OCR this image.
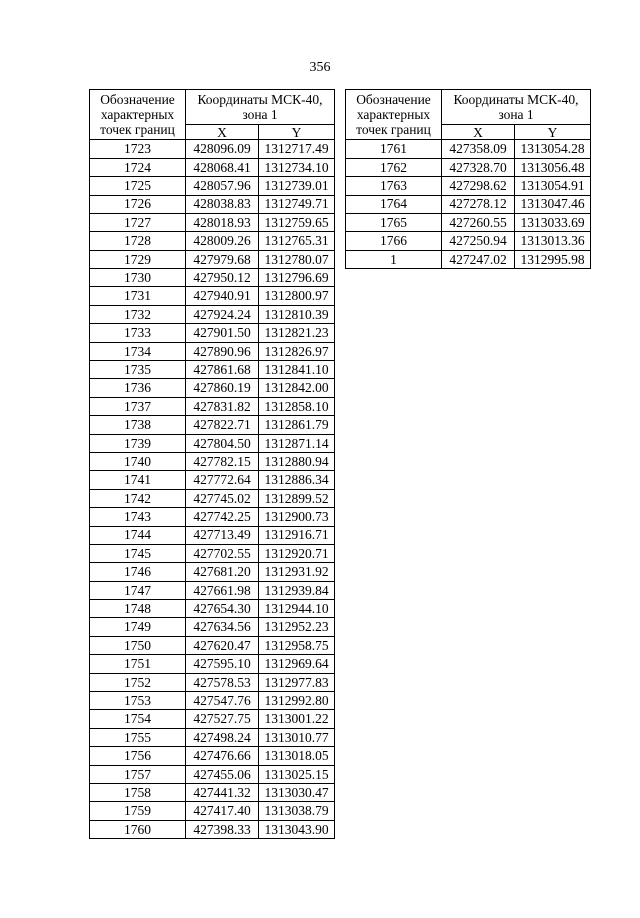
356
Обозначение
характерных
точек границ	Координаты МСК-40,
зона 1	
	X	Y
1723	428096.09	1312717.49
1724	428068.41	1312734.10
1725	428057.96	1312739.01
1726	428038.83	1312749.71
1727	428018.93	1312759.65
1728	428009.26	1312765.31
1729	427979.68	1312780.07
1730	427950.12	1312796.69
1731	427940.91	1312800.97
1732	427924.24	1312810.39
1733	427901.50	1312821.23
1734	427890.96	1312826.97
1735	427861.68	1312841.10
1736	427860.19	1312842.00
1737	427831.82	1312858.10
1738	427822.71	1312861.79
1739	427804.50	1312871.14
1740	427782.15	1312880.94
1741	427772.64	1312886.34
1742	427745.02	1312899.52
1743	427742.25	1312900.73
1744	427713.49	1312916.71
1745	427702.55	1312920.71
1746	427681.20	1312931.92
1747	427661.98	1312939.84
1748	427654.30	1312944.10
1749	427634.56	1312952.23
1750	427620.47	1312958.75
1751	427595.10	1312969.64
1752	427578.53	1312977.83
1753	427547.76	1312992.80
1754	427527.75	1313001.22
1755	427498.24	1313010.77
1756	427476.66	1313018.05
1757	427455.06	1313025.15
1758	427441.32	1313030.47
1759	427417.40	1313038.79
1760	427398.33	1313043.90
Обозначение
характерных
точек границ	Координаты МСК-40,
зона 1	
	X	Y
1761	427358.09	1313054.28
1762	427328.70	1313056.48
1763	427298.62	1313054.91
1764	427278.12	1313047.46
1765	427260.55	1313033.69
1766	427250.94	1313013.36
1	427247.02	1312995.98
